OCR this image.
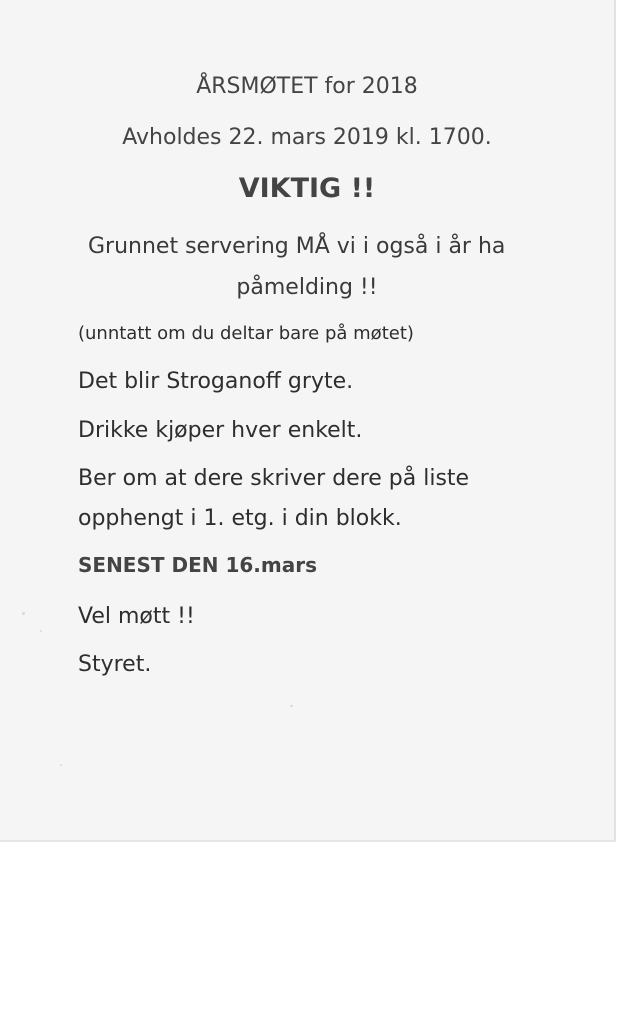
ÅRSMØTET for 2018
Avholdes 22. mars 2019 kl. 1700.
VIKTIG !!
Grunnet servering MÅ vi i også i år ha
påmelding !!
(unntatt om du deltar bare på møtet)
Det blir Stroganoff gryte.
Drikke kjøper hver enkelt.
Ber om at dere skriver dere på liste
opphengt i 1. etg. i din blokk.
SENEST DEN 16.mars
Vel møtt !!
Styret.
